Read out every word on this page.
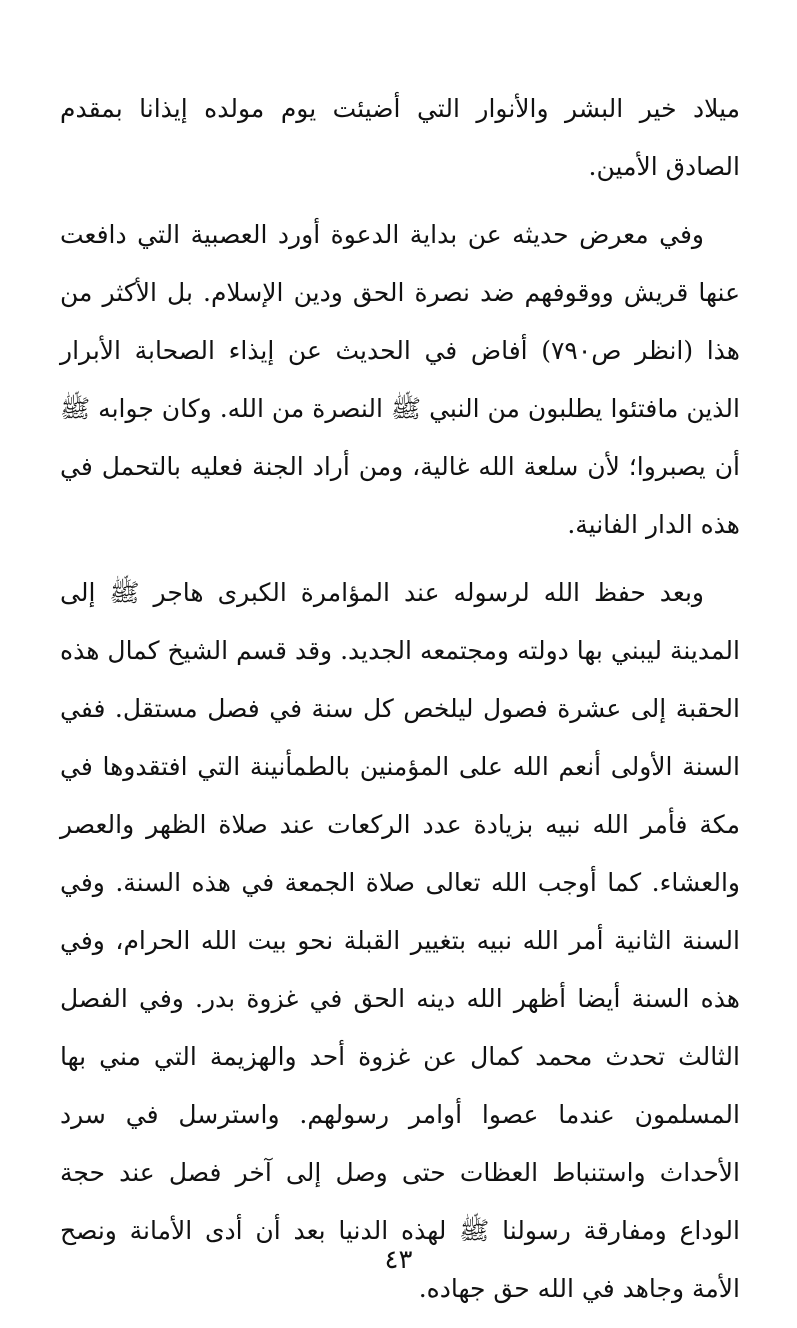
ميلاد خير البشر والأنوار التي أضيئت يوم مولده إيذانا بمقدم الصادق الأمين.

وفي معرض حديثه عن بداية الدعوة أورد العصبية التي دافعت عنها قريش ووقوفهم ضد نصرة الحق ودين الإسلام. بل الأكثر من هذا (انظر ص٧٩٠) أفاض في الحديث عن إيذاء الصحابة الأبرار الذين مافتئوا يطلبون من النبي ﷺ النصرة من الله. وكان جوابه ﷺ أن يصبروا؛ لأن سلعة الله غالية، ومن أراد الجنة فعليه بالتحمل في هذه الدار الفانية.

وبعد حفظ الله لرسوله عند المؤامرة الكبرى هاجر ﷺ إلى المدينة ليبني بها دولته ومجتمعه الجديد. وقد قسم الشيخ كمال هذه الحقبة إلى عشرة فصول ليلخص كل سنة في فصل مستقل. ففي السنة الأولى أنعم الله على المؤمنين بالطمأنينة التي افتقدوها في مكة فأمر الله نبيه بزيادة عدد الركعات عند صلاة الظهر والعصر والعشاء. كما أوجب الله تعالى صلاة الجمعة في هذه السنة. وفي السنة الثانية أمر الله نبيه بتغيير القبلة نحو بيت الله الحرام، وفي هذه السنة أيضا أظهر الله دينه الحق في غزوة بدر. وفي الفصل الثالث تحدث محمد كمال عن غزوة أحد والهزيمة التي مني بها المسلمون عندما عصوا أوامر رسولهم. واسترسل في سرد الأحداث واستنباط العظات حتى وصل إلى آخر فصل عند حجة الوداع ومفارقة رسولنا ﷺ لهذه الدنيا بعد أن أدى الأمانة ونصح الأمة وجاهد في الله حق جهاده.

٤٣
